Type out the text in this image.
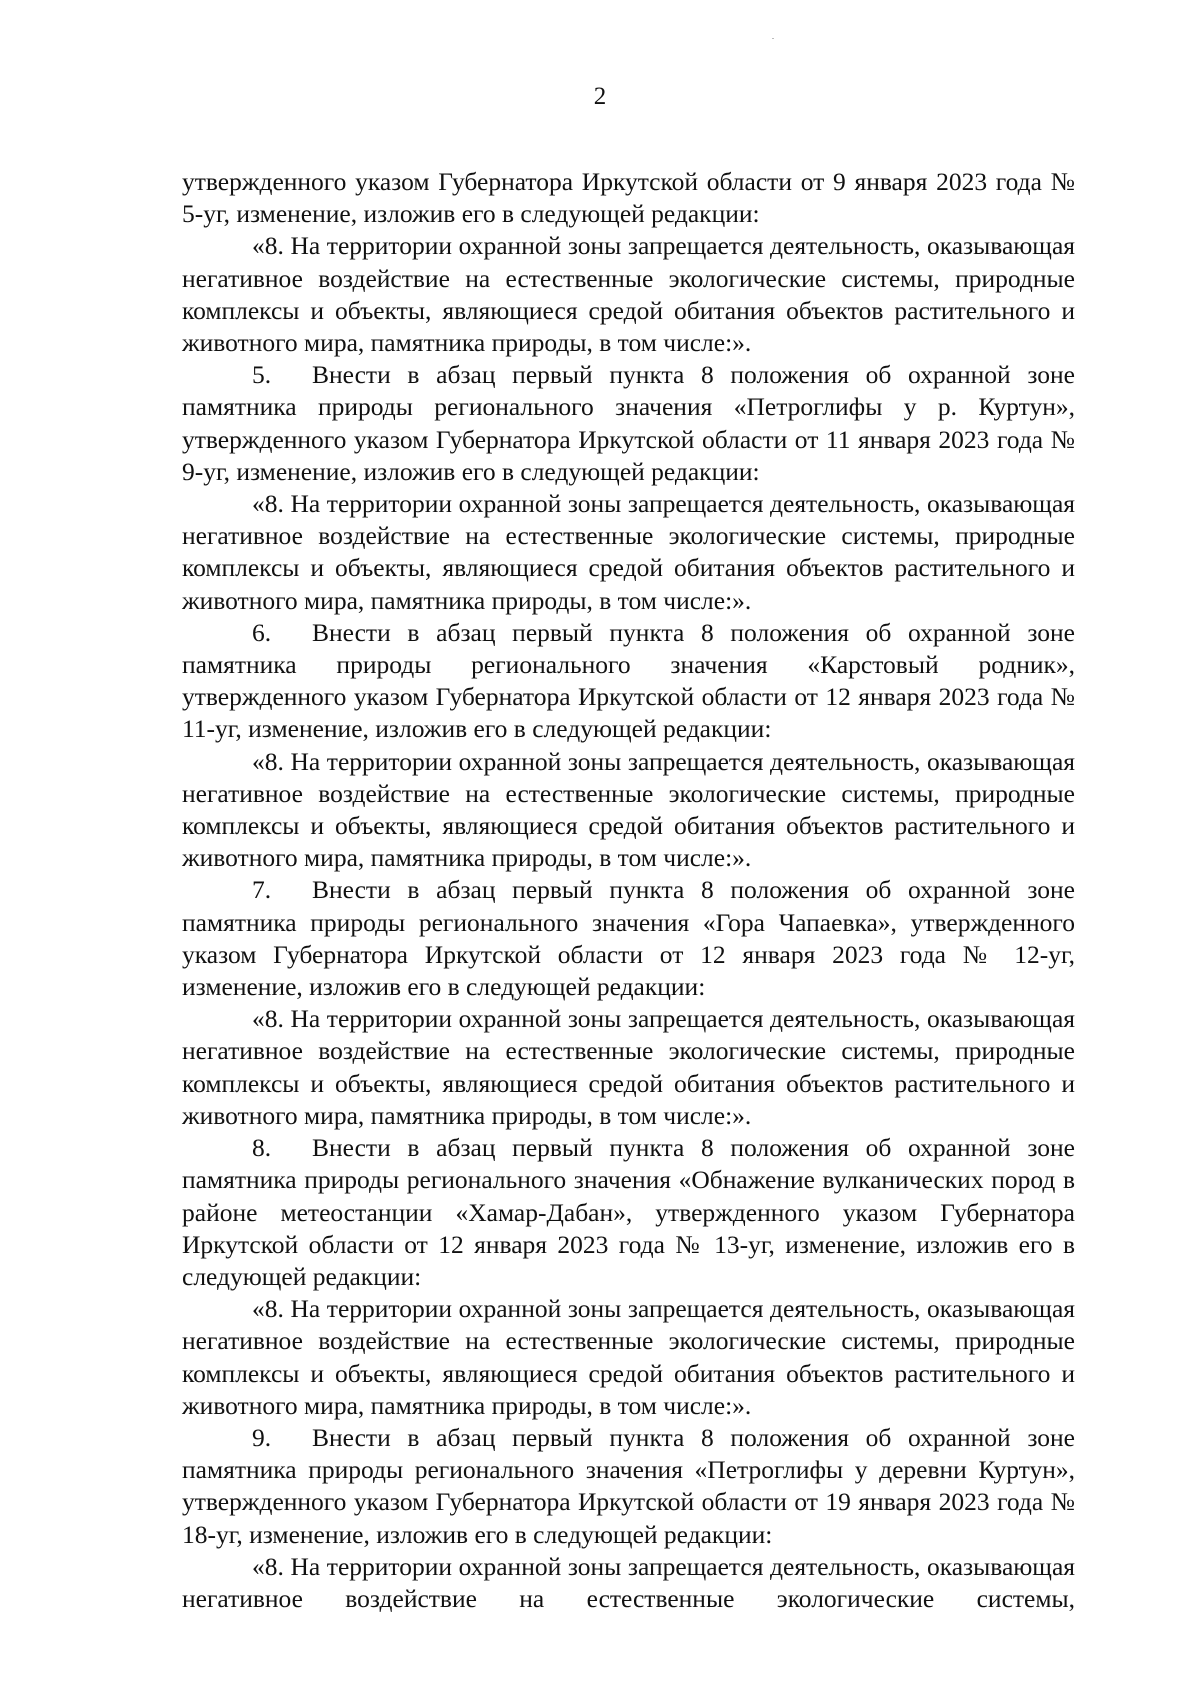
2

утвержденного указом Губернатора Иркутской области от 9 января 2023 года № 5-уг, изменение, изложив его в следующей редакции:

«8. На территории охранной зоны запрещается деятельность, оказывающая негативное воздействие на естественные экологические системы, природные комплексы и объекты, являющиеся средой обитания объектов растительного и животного мира, памятника природы, в том числе:».

5. Внести в абзац первый пункта 8 положения об охранной зоне памятника природы регионального значения «Петроглифы у р. Куртун», утвержденного указом Губернатора Иркутской области от 11 января 2023 года № 9-уг, изменение, изложив его в следующей редакции:

«8. На территории охранной зоны запрещается деятельность, оказывающая негативное воздействие на естественные экологические системы, природные комплексы и объекты, являющиеся средой обитания объектов растительного и животного мира, памятника природы, в том числе:».

6. Внести в абзац первый пункта 8 положения об охранной зоне памятника природы регионального значения «Карстовый родник», утвержденного указом Губернатора Иркутской области от 12 января 2023 года № 11-уг, изменение, изложив его в следующей редакции:

«8. На территории охранной зоны запрещается деятельность, оказывающая негативное воздействие на естественные экологические системы, природные комплексы и объекты, являющиеся средой обитания объектов растительного и животного мира, памятника природы, в том числе:».

7. Внести в абзац первый пункта 8 положения об охранной зоне памятника природы регионального значения «Гора Чапаевка», утвержденного указом Губернатора Иркутской области от 12 января 2023 года № 12-уг, изменение, изложив его в следующей редакции:

«8. На территории охранной зоны запрещается деятельность, оказывающая негативное воздействие на естественные экологические системы, природные комплексы и объекты, являющиеся средой обитания объектов растительного и животного мира, памятника природы, в том числе:».

8. Внести в абзац первый пункта 8 положения об охранной зоне памятника природы регионального значения «Обнажение вулканических пород в районе метеостанции «Хамар-Дабан», утвержденного указом Губернатора Иркутской области от 12 января 2023 года № 13-уг, изменение, изложив его в следующей редакции:

«8. На территории охранной зоны запрещается деятельность, оказывающая негативное воздействие на естественные экологические системы, природные комплексы и объекты, являющиеся средой обитания объектов растительного и животного мира, памятника природы, в том числе:».

9. Внести в абзац первый пункта 8 положения об охранной зоне памятника природы регионального значения «Петроглифы у деревни Куртун», утвержденного указом Губернатора Иркутской области от 19 января 2023 года № 18-уг, изменение, изложив его в следующей редакции:

«8. На территории охранной зоны запрещается деятельность, оказывающая негативное воздействие на естественные экологические системы,
